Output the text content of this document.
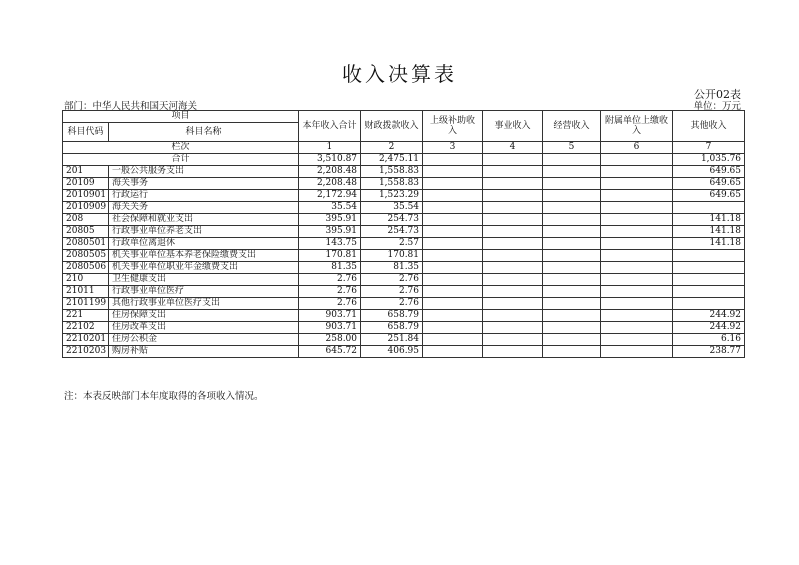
收入决算表
公开02表
部门：中华人民共和国天河海关	单位：万元
项目		本年收入合计	财政拨款收入	上级补助收入	事业收入	经营收入	附属单位上缴收入	其他收入
科目代码	科目名称							
栏次		1	2	3	4	5	6	7
合计		3,510.87	2,475.11					1,035.76
201	一般公共服务支出	2,208.48	1,558.83					649.65
20109	海关事务	2,208.48	1,558.83					649.65
2010901	行政运行	2,172.94	1,523.29					649.65
2010909	海关关务	35.54	35.54					
208	社会保障和就业支出	395.91	254.73					141.18
20805	行政事业单位养老支出	395.91	254.73					141.18
2080501	行政单位离退休	143.75	2.57					141.18
2080505	机关事业单位基本养老保险缴费支出	170.81	170.81					
2080506	机关事业单位职业年金缴费支出	81.35	81.35					
210	卫生健康支出	2.76	2.76					
21011	行政事业单位医疗	2.76	2.76					
2101199	其他行政事业单位医疗支出	2.76	2.76					
221	住房保障支出	903.71	658.79					244.92
22102	住房改革支出	903.71	658.79					244.92
2210201	住房公积金	258.00	251.84					6.16
2210203	购房补贴	645.72	406.95					238.77
注：本表反映部门本年度取得的各项收入情况。
